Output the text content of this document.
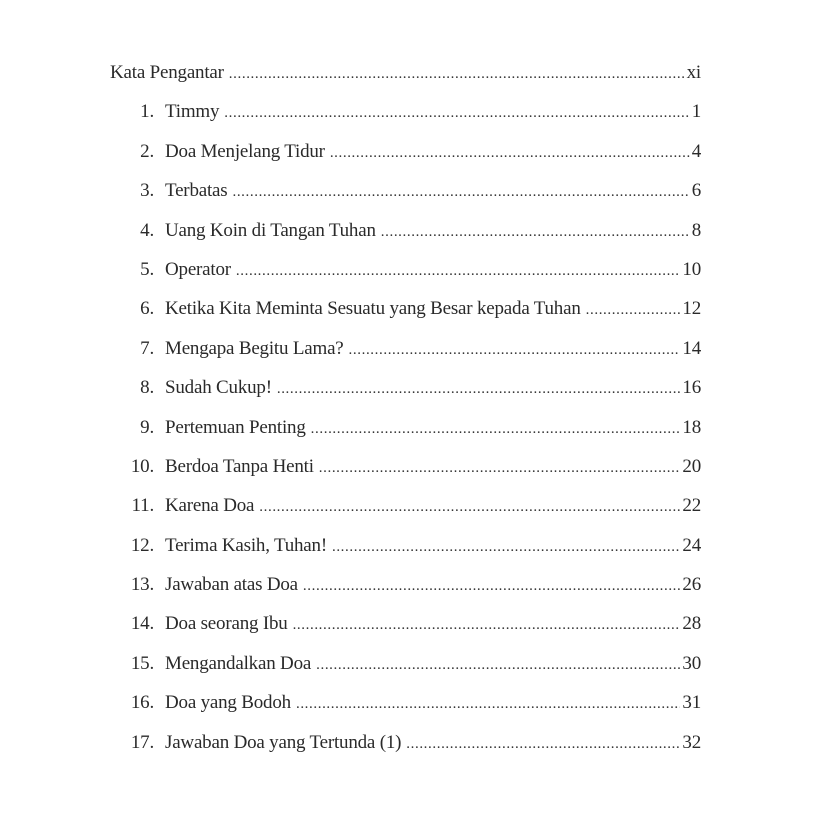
Kata Pengantar .....	xi
1. Timmy .....	1
2. Doa Menjelang Tidur .....	4
3. Terbatas .....	6
4. Uang Koin di Tangan Tuhan .....	8
5. Operator .....	10
6. Ketika Kita Meminta Sesuatu yang Besar kepada Tuhan .....	12
7. Mengapa Begitu Lama? .....	14
8. Sudah Cukup! .....	16
9. Pertemuan Penting .....	18
10. Berdoa Tanpa Henti .....	20
11. Karena Doa .....	22
12. Terima Kasih, Tuhan! .....	24
13. Jawaban atas Doa .....	26
14. Doa seorang Ibu .....	28
15. Mengandalkan Doa .....	30
16. Doa yang Bodoh .....	31
17. Jawaban Doa yang Tertunda (1) .....	32
